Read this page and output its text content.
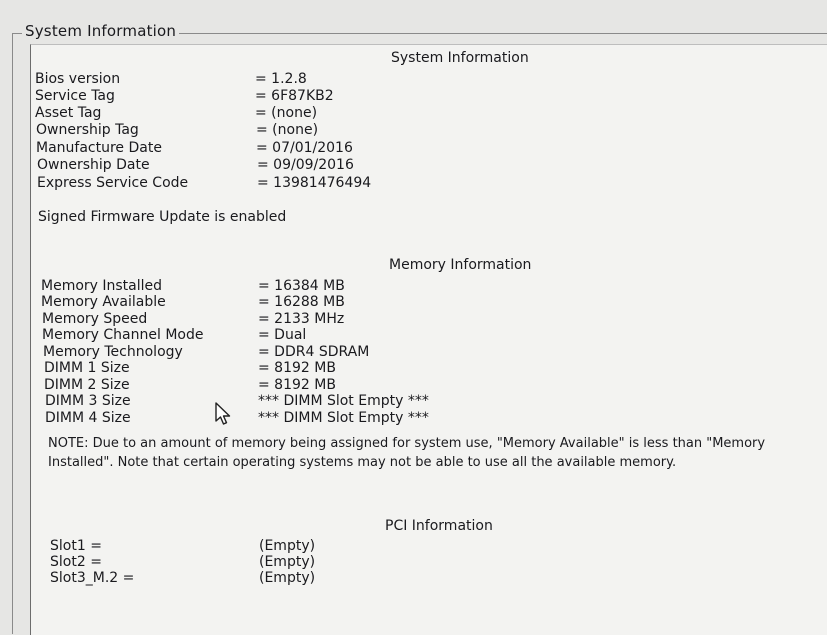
System Information
System Information
Bios version	= 1.2.8
Service Tag	= 6F87KB2
Asset Tag	= (none)
Ownership Tag	= (none)
Manufacture Date	= 07/01/2016
Ownership Date	= 09/09/2016
Express Service Code	= 13981476494
Signed Firmware Update is enabled
Memory Information
Memory Installed	= 16384 MB
Memory Available	= 16288 MB
Memory Speed	= 2133 MHz
Memory Channel Mode	= Dual
Memory Technology	= DDR4 SDRAM
DIMM 1 Size	= 8192 MB
DIMM 2 Size	= 8192 MB
DIMM 3 Size	*** DIMM Slot Empty ***
DIMM 4 Size	*** DIMM Slot Empty ***
NOTE: Due to an amount of memory being assigned for system use, "Memory Available" is less than "Memory Installed". Note that certain operating systems may not be able to use all the available memory.
PCI Information
Slot1 =	(Empty)
Slot2 =	(Empty)
Slot3_M.2 =	(Empty)
